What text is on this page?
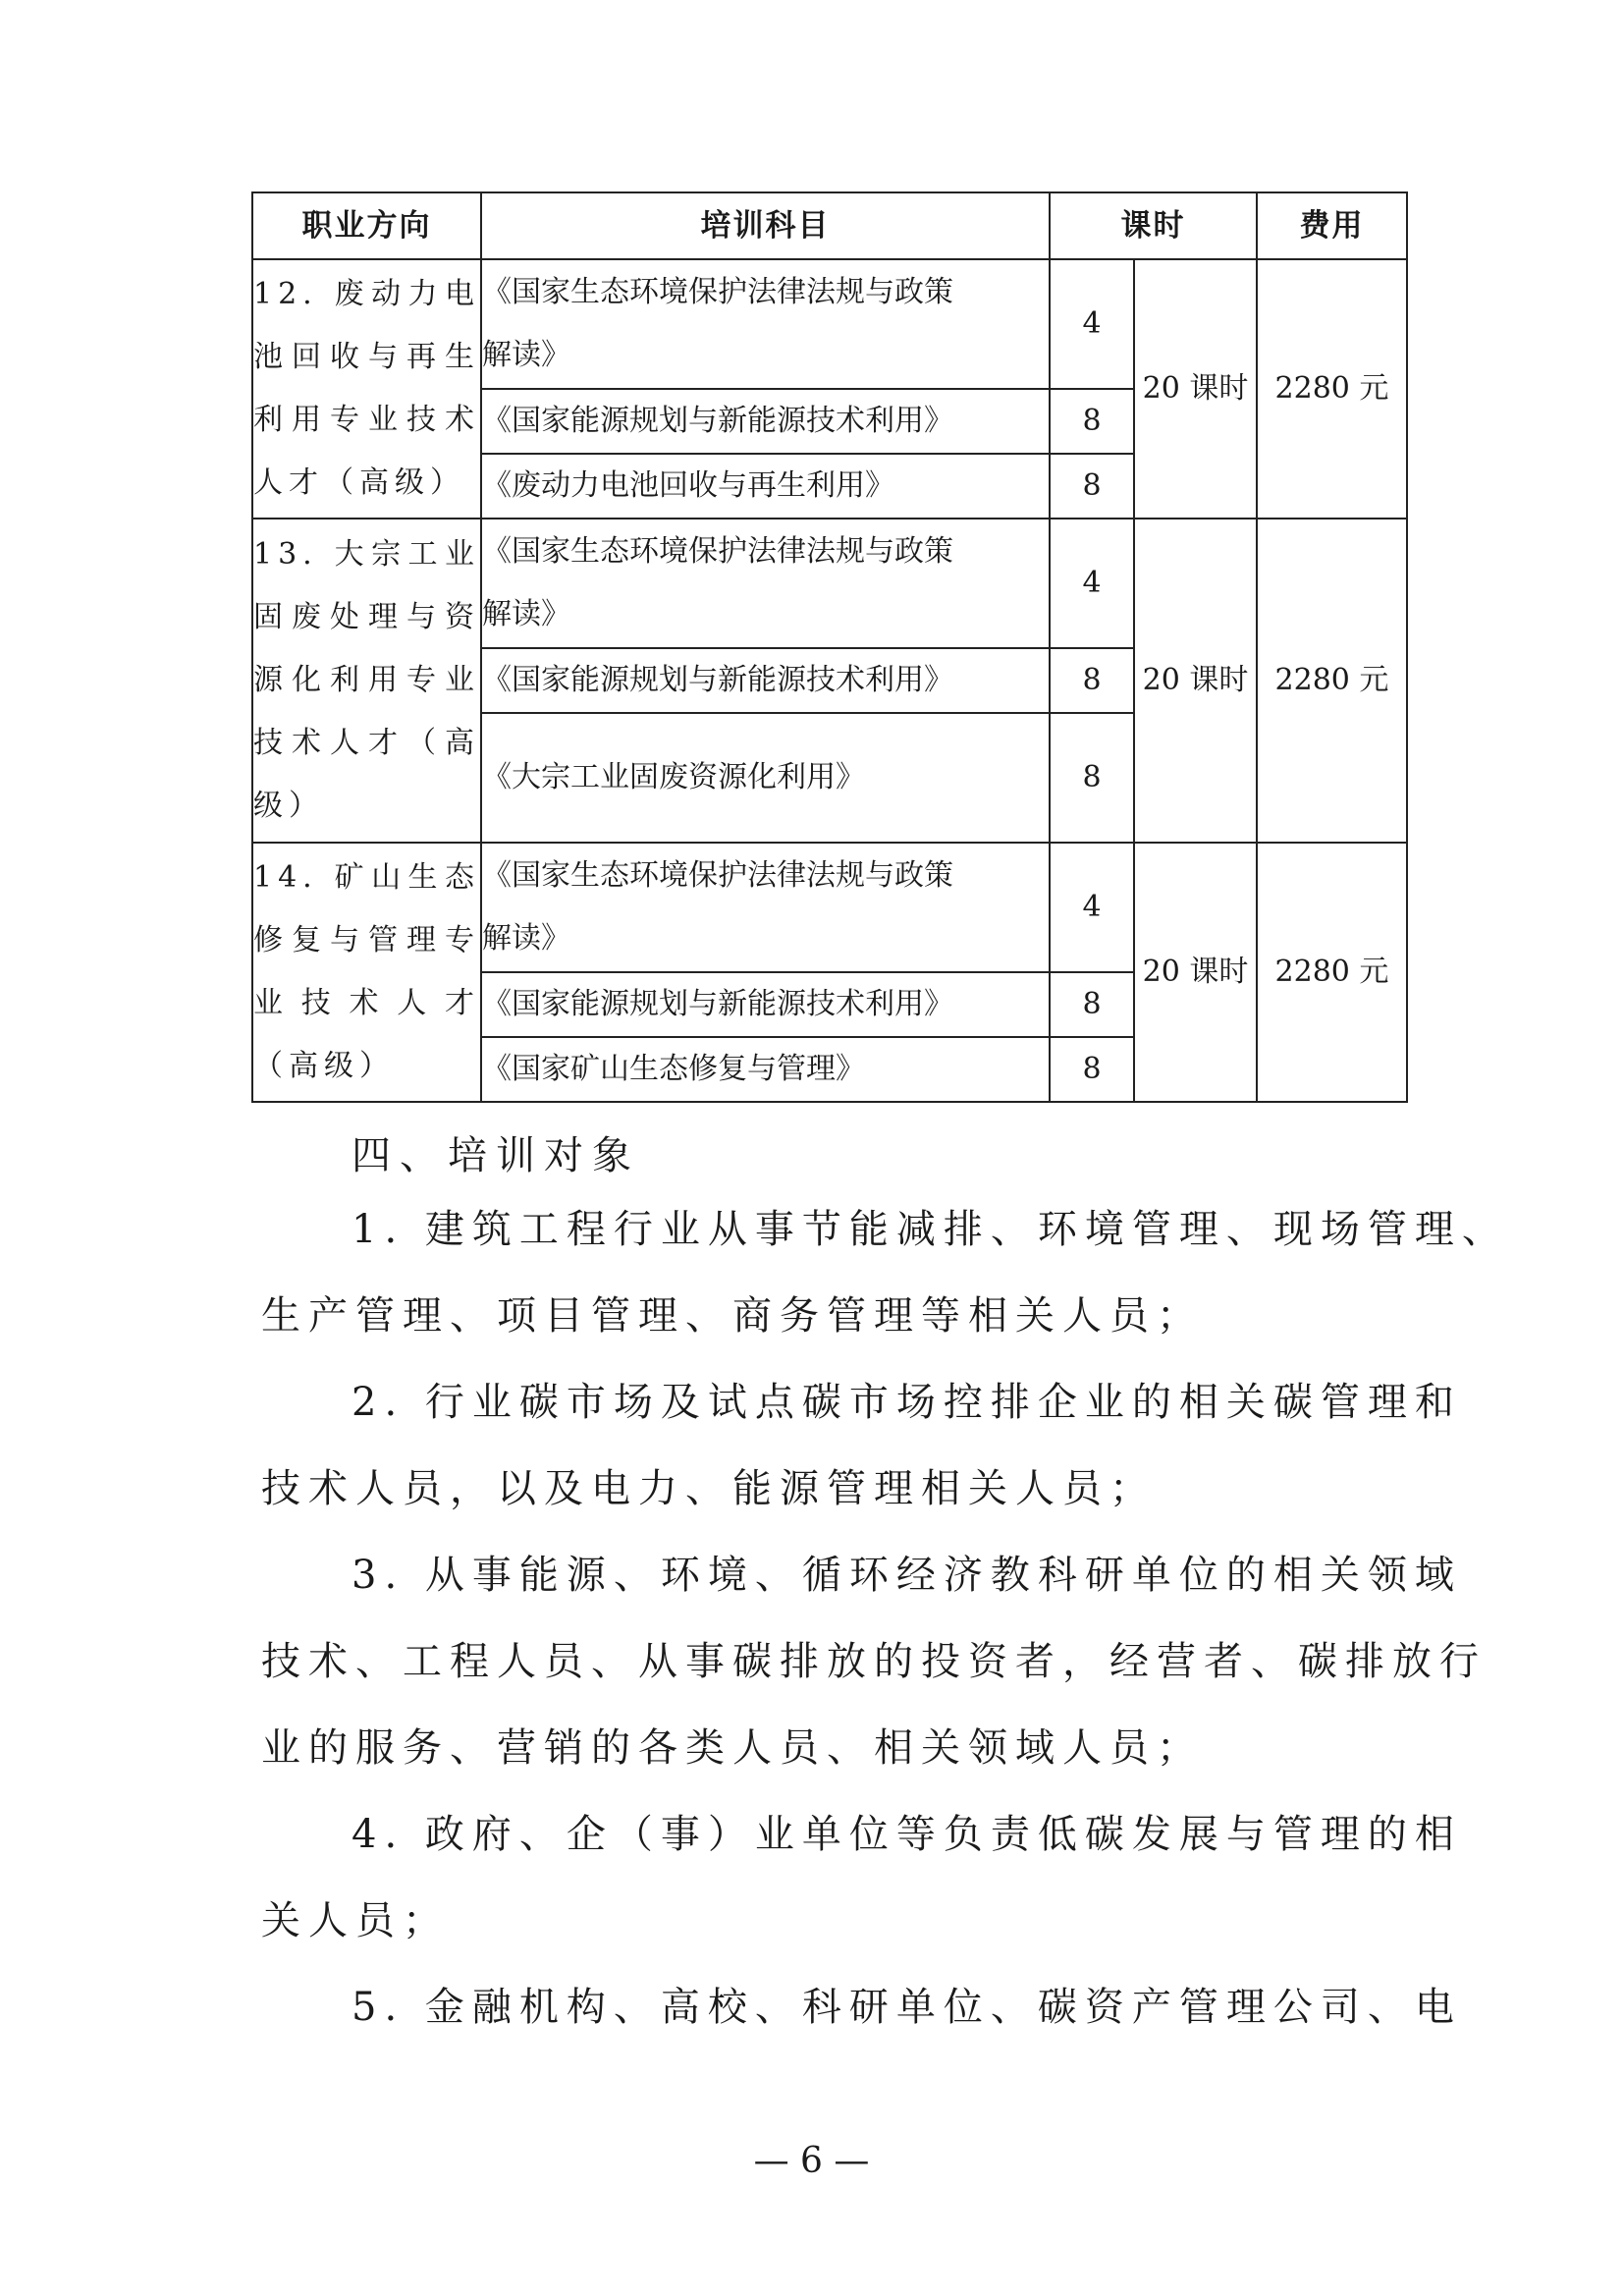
职业方向	培训科目	课时		费用

12. 废动力电
池回收与再生
利用专业技术
人才（高级）	《国家生态环境保护法律法规与政策
解读》	4	20 课时	2280 元

	《国家能源规划与新能源技术利用》	8		

	《废动力电池回收与再生利用》	8		

13. 大宗工业
固废处理与资
源化利用专业
技术人才（高
级）	《国家生态环境保护法律法规与政策
解读》	4	20 课时	2280 元

	《国家能源规划与新能源技术利用》	8		

	《大宗工业固废资源化利用》	8		

14. 矿山生态
修复与管理专
业技术人才
（高级）	《国家生态环境保护法律法规与政策
解读》	4	20 课时	2280 元

	《国家能源规划与新能源技术利用》	8		

	《国家矿山生态修复与管理》	8		
四、培训对象

1. 建筑工程行业从事节能减排、环境管理、现场管理、
生产管理、项目管理、商务管理等相关人员；

2. 行业碳市场及试点碳市场控排企业的相关碳管理和
技术人员，以及电力、能源管理相关人员；

3. 从事能源、环境、循环经济教科研单位的相关领域
技术、工程人员、从事碳排放的投资者，经营者、碳排放行
业的服务、营销的各类人员、相关领域人员；

4. 政府、企（事）业单位等负责低碳发展与管理的相
关人员；

5. 金融机构、高校、科研单位、碳资产管理公司、电

— 6 —
